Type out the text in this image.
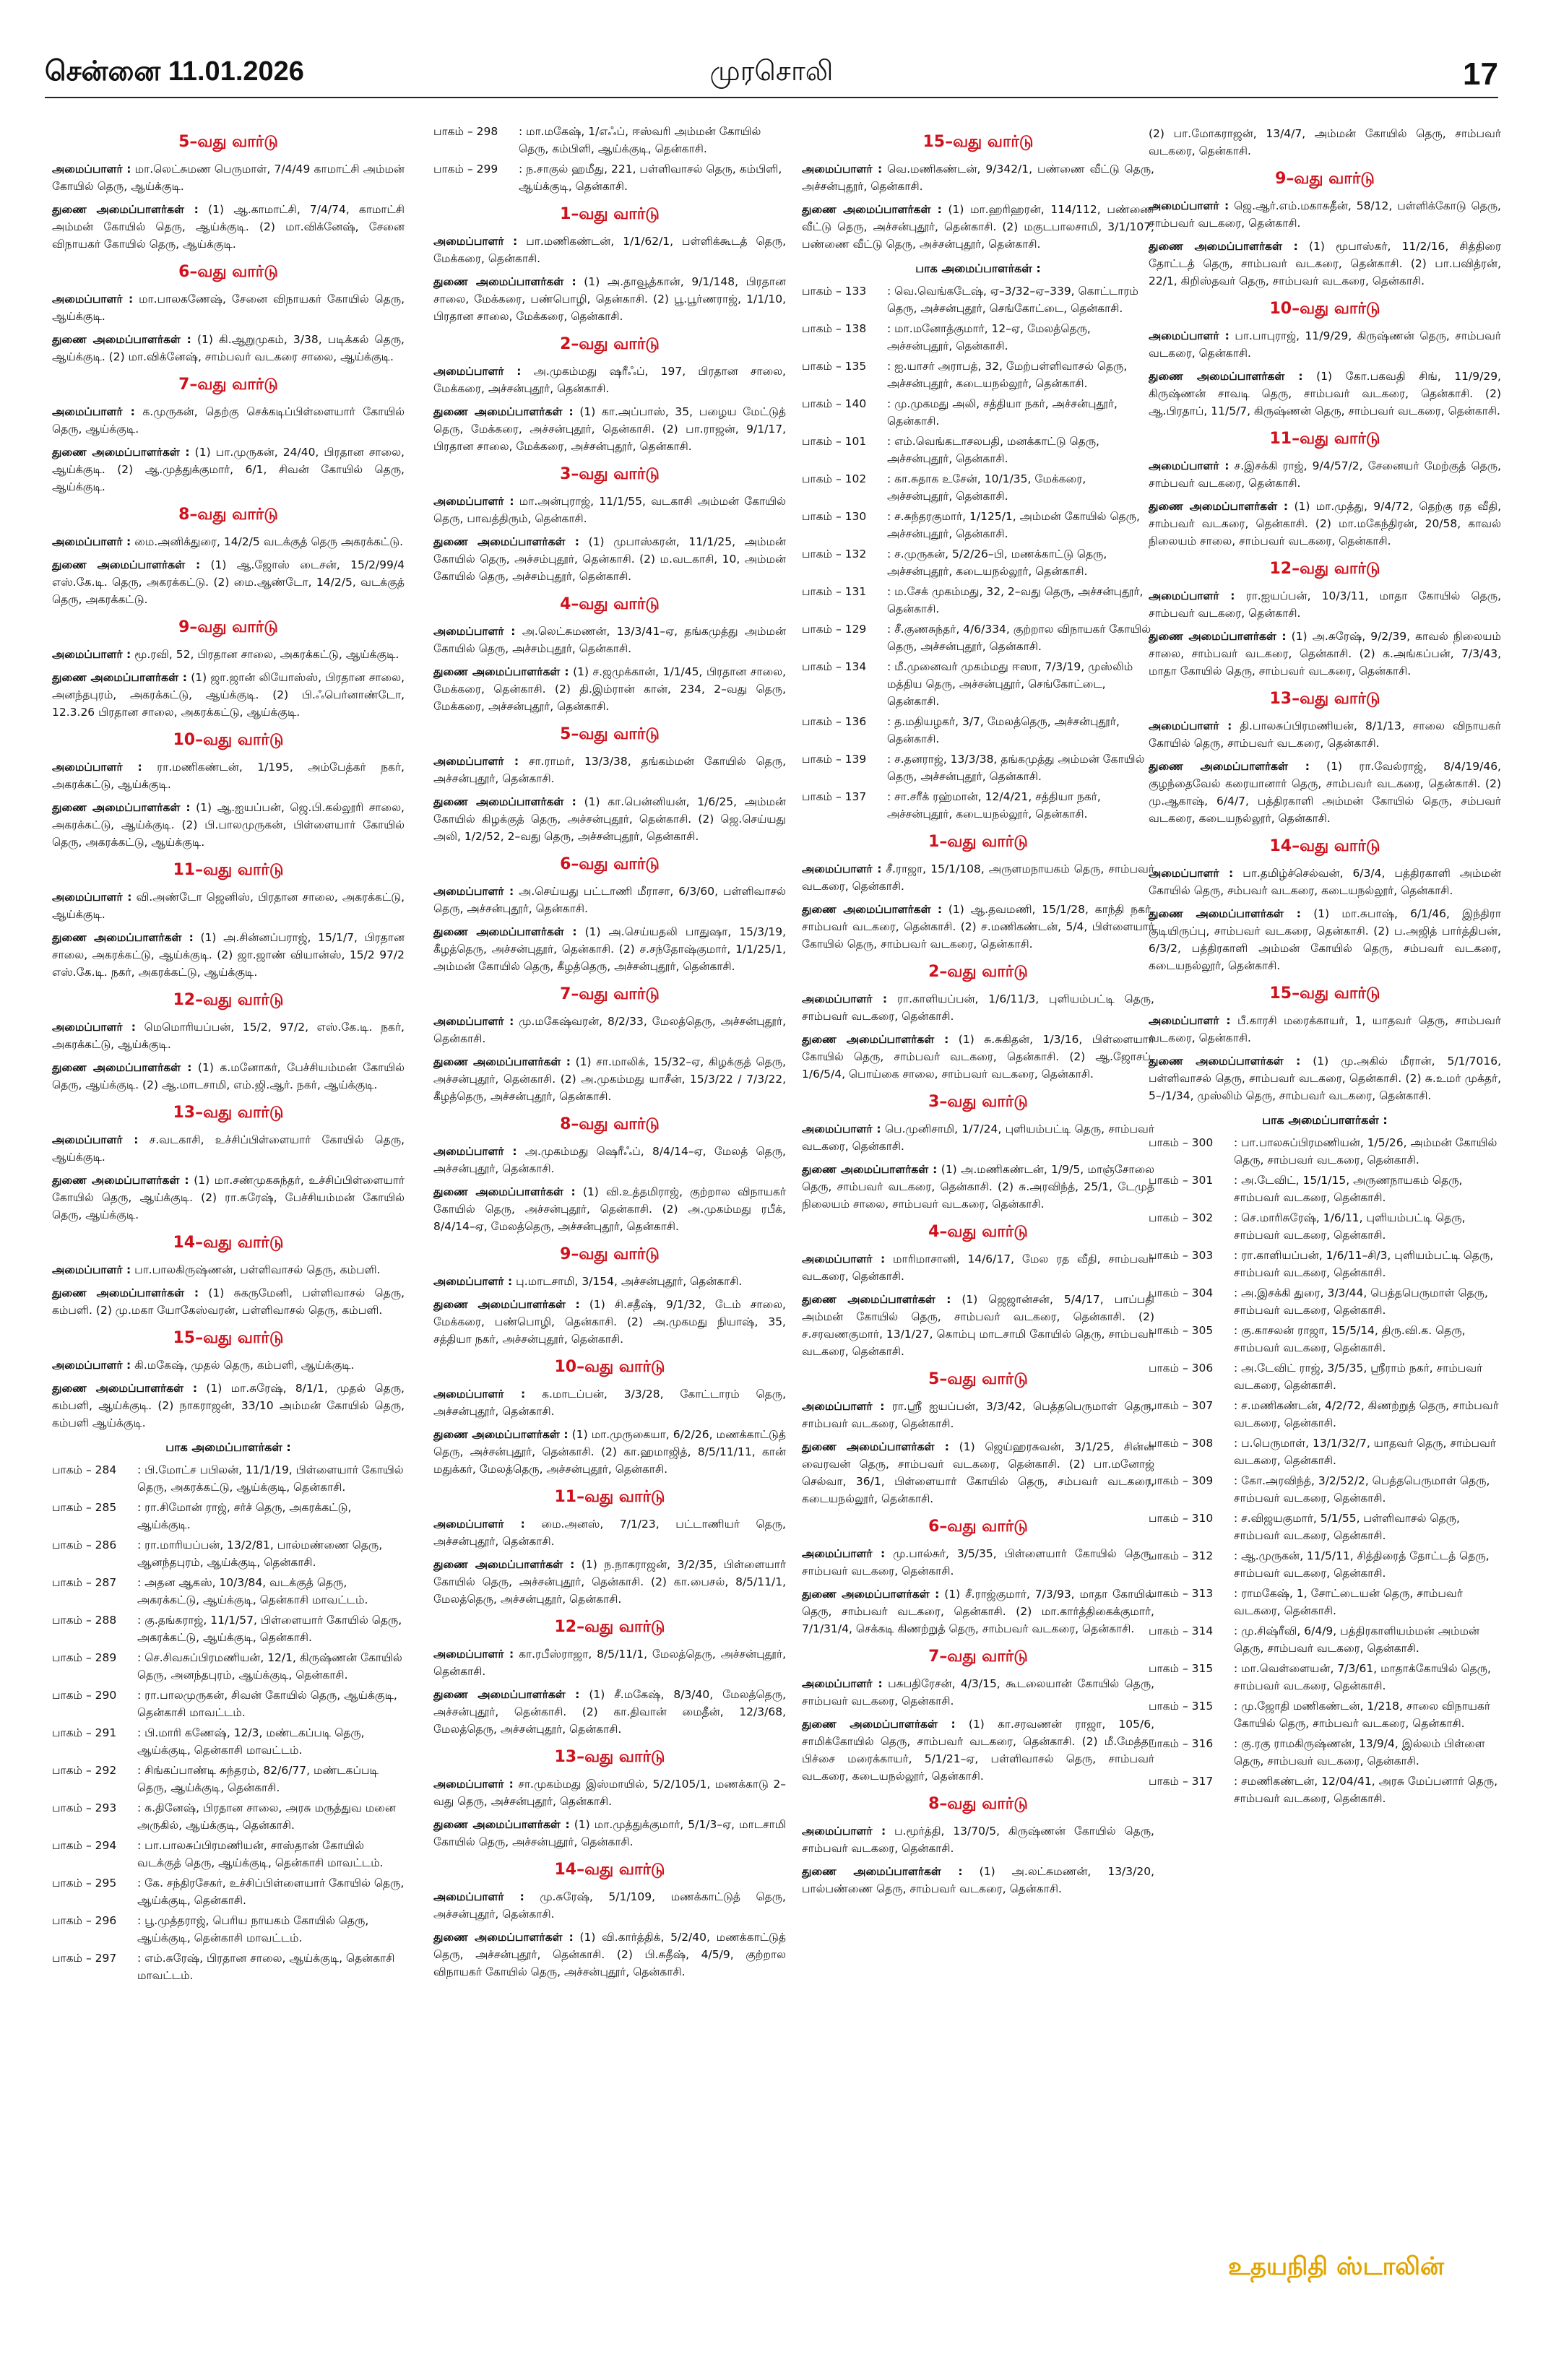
சென்னை 11.01.2026	முரசொலி	17
5–வது வார்டு
அமைப்பாளர் : மா.லெட்சுமண பெருமாள், 7/4/49 காமாட்சி அம்மன் கோயில் தெரு, ஆய்க்குடி.
துணை அமைப்பாளர்கள் : (1) ஆ.காமாட்சி, 7/4/74, காமாட்சி அம்மன் கோயில் தெரு, ஆய்க்குடி. (2) மா.விக்னேஷ், சேனை விநாயகர் கோயில் தெரு, ஆய்க்குடி.
6–வது வார்டு
அமைப்பாளர் : மா.பாலகணேஷ், சேனை விநாயகர் கோயில் தெரு, ஆய்க்குடி.
துணை அமைப்பாளர்கள் : (1) கி.ஆறுமுகம், 3/38, படிக்கல் தெரு, ஆய்க்குடி. (2) மா.விக்னேஷ், சாம்பவர் வடகரை சாலை, ஆய்க்குடி.
7–வது வார்டு
அமைப்பாளர் : க.முருகன், தெற்கு செக்கடிப்பிள்ளையார் கோயில் தெரு, ஆய்க்குடி.
துணை அமைப்பாளர்கள் : (1) பா.முருகன், 24/40, பிரதான சாலை, ஆய்க்குடி. (2) ஆ.முத்துக்குமார், 6/1, சிவன் கோயில் தெரு, ஆய்க்குடி.
8–வது வார்டு
அமைப்பாளர் : மை.அனிக்துரை, 14/2/5 வடக்குத் தெரு அகரக்கட்டு.
துணை அமைப்பாளர்கள் : (1) ஆ.ஜோஸ் டைசன், 15/2/99/4 எஸ்.கே.டி. தெரு, அகரக்கட்டு. (2) மை.ஆண்டோ, 14/2/5, வடக்குத் தெரு, அகரக்கட்டு.
9–வது வார்டு
அமைப்பாளர் : மூ.ரவி, 52, பிரதான சாலை, அகரக்கட்டு, ஆய்க்குடி.
துணை அமைப்பாளர்கள் : (1) ஜா.ஜான் லியோஸ்ஸ், பிரதான சாலை, அனந்தபுரம், அகரக்கட்டு, ஆய்க்குடி. (2) பி.ஃபெர்னாண்டோ, 12.3.26 பிரதான சாலை, அகரக்கட்டு, ஆய்க்குடி.
10–வது வார்டு
அமைப்பாளர் : ரா.மணிகண்டன், 1/195, அம்பேத்கர் நகர், அகரக்கட்டு, ஆய்க்குடி.
துணை அமைப்பாளர்கள் : (1) ஆ.ஐயப்பன், ஜெ.பி.கல்லூரி சாலை, அகரக்கட்டு, ஆய்க்குடி. (2) பி.பாலமுருகன், பிள்ளையார் கோயில் தெரு, அகரக்கட்டு, ஆய்க்குடி.
11–வது வார்டு
அமைப்பாளர் : வி.அண்டோ ஜெனிஸ், பிரதான சாலை, அகரக்கட்டு, ஆய்க்குடி.
துணை அமைப்பாளர்கள் : (1) அ.சின்னப்பராஜ், 15/1/7, பிரதான சாலை, அகரக்கட்டு, ஆய்க்குடி. (2) ஜா.ஜாண் வியான்ஸ், 15/2 97/2 எஸ்.கே.டி. நகர், அகரக்கட்டு, ஆய்க்குடி.
12–வது வார்டு
அமைப்பாளர் : மெமொரியப்பன், 15/2, 97/2, எஸ்.கே.டி. நகர், அகரக்கட்டு, ஆய்க்குடி.
துணை அமைப்பாளர்கள் : (1) க.மனோகர், பேச்சியம்மன் கோயில் தெரு, ஆய்க்குடி. (2) ஆ.மாடசாமி, எம்.ஜி.ஆர். நகர், ஆய்க்குடி.
13–வது வார்டு
அமைப்பாளர் : ச.வடகாசி, உச்சிப்பிள்ளையார் கோயில் தெரு, ஆய்க்குடி.
துணை அமைப்பாளர்கள் : (1) மா.சண்முகசுந்தர், உச்சிப்பிள்ளையார் கோயில் தெரு, ஆய்க்குடி. (2) ரா.சுரேஷ், பேச்சியம்மன் கோயில் தெரு, ஆய்க்குடி.
14–வது வார்டு
அமைப்பாளர் : பா.பாலகிருஷ்ணன், பள்ளிவாசல் தெரு, கம்பளி.
துணை அமைப்பாளர்கள் : (1) சுகருமேனி, பள்ளிவாசல் தெரு, கம்பளி. (2) மு.மகா யோகேஸ்வரன், பள்ளிவாசல் தெரு, கம்பளி.
15–வது வார்டு
அமைப்பாளர் : கி.மகேஷ், முதல் தெரு, கம்பளி, ஆய்க்குடி.
துணை அமைப்பாளர்கள் : (1) மா.சுரேஷ், 8/1/1, முதல் தெரு, கம்பளி, ஆய்க்குடி. (2) நாகராஜன், 33/10 அம்மன் கோயில் தெரு, கம்பளி ஆய்க்குடி.
பாக அமைப்பாளர்கள் :
பாகம் – 284	: பி.மோட்ச பபிலன், 11/1/19, பிள்ளையார் கோயில் தெரு, அகரக்கட்டு, ஆய்க்குடி, தென்காசி.
பாகம் – 285	: ரா.சிமோன் ராஜ், சர்ச் தெரு, அகரக்கட்டு, ஆய்க்குடி.
பாகம் – 286	: ரா.மாரியப்பன், 13/2/81, பால்மண்ணை தெரு, ஆனந்தபுரம், ஆய்க்குடி, தென்காசி.
பாகம் – 287	: அதன ஆகஸ், 10/3/84, வடக்குத் தெரு, அகரக்கட்டு, ஆய்க்குடி, தென்காசி மாவட்டம்.
பாகம் – 288	: கு.தங்கராஜ், 11/1/57, பிள்ளையார் கோயில் தெரு, அகரக்கட்டு, ஆய்க்குடி, தென்காசி.
பாகம் – 289	: செ.சிவசுப்பிரமணியன், 12/1, கிருஷ்ணன் கோயில் தெரு, அனந்தபுரம், ஆய்க்குடி, தென்காசி.
பாகம் – 290	: ரா.பாலமுருகன், சிவன் கோயில் தெரு, ஆய்க்குடி, தென்காசி மாவட்டம்.
பாகம் – 291	: பி.மாரி கணேஷ், 12/3, மண்டகப்படி தெரு, ஆய்க்குடி, தென்காசி மாவட்டம்.
பாகம் – 292	: சிங்கப்பாண்டி சுந்தரம், 82/6/77, மண்டகப்படி தெரு, ஆய்க்குடி, தென்காசி.
பாகம் – 293	: க.தினேஷ், பிரதான சாலை, அரசு மருத்துவ மனை அருகில், ஆய்க்குடி, தென்காசி.
பாகம் – 294	: பா.பாலசுப்பிரமணியன், சாஸ்தான் கோயில் வடக்குத் தெரு, ஆய்க்குடி, தென்காசி மாவட்டம்.
பாகம் – 295	: கே. சந்திரசேகர், உச்சிப்பிள்ளையார் கோயில் தெரு, ஆய்க்குடி, தென்காசி.
பாகம் – 296	: பூ.முத்தராஜ், பெரிய நாயகம் கோயில் தெரு, ஆய்க்குடி, தென்காசி மாவட்டம்.
பாகம் – 297	: எம்.சுரேஷ், பிரதான சாலை, ஆய்க்குடி, தென்காசி மாவட்டம்.
பாகம் – 298	: மா.மகேஷ், 1/எஃப், ஈஸ்வரி அம்மன் கோயில் தெரு, கம்பிளி, ஆய்க்குடி, தென்காசி.
பாகம் – 299	: ந.சாகுல் ஹமீது, 221, பள்ளிவாசல் தெரு, கம்பிளி, ஆய்க்குடி, தென்காசி.
1–வது வார்டு
அமைப்பாளர் : பா.மணிகண்டன், 1/1/62/1, பள்ளிக்கூடத் தெரு, மேக்கரை, தென்காசி.
துணை அமைப்பாளர்கள் : (1) அ.தாவூத்கான், 9/1/148, பிரதான சாலை, மேக்கரை, பண்பொழி, தென்காசி. (2) பூ.பூர்ணராஜ், 1/1/10, பிரதான சாலை, மேக்கரை, தென்காசி.
2–வது வார்டு
அமைப்பாளர் : அ.முகம்மது ஷரீஃப், 197, பிரதான சாலை, மேக்கரை, அச்சன்புதூர், தென்காசி.
துணை அமைப்பாளர்கள் : (1) கா.அப்பாஸ், 35, பழைய மேட்டுத் தெரு, மேக்கரை, அச்சன்புதூர், தென்காசி. (2) பா.ராஜன், 9/1/17, பிரதான சாலை, மேக்கரை, அச்சன்புதூர், தென்காசி.
3–வது வார்டு
அமைப்பாளர் : மா.அன்புராஜ், 11/1/55, வடகாசி அம்மன் கோயில் தெரு, பாவத்திரும், தென்காசி.
துணை அமைப்பாளர்கள் : (1) முபாஸ்கரன், 11/1/25, அம்மன் கோயில் தெரு, அச்சம்புதூர், தென்காசி. (2) ம.வடகாசி, 10, அம்மன் கோயில் தெரு, அச்சம்புதூர், தென்காசி.
4–வது வார்டு
அமைப்பாளர் : அ.லெட்சுமணன், 13/3/41–ஏ, தங்கமுத்து அம்மன் கோயில் தெரு, அச்சம்புதூர், தென்காசி.
துணை அமைப்பாளர்கள் : (1) ச.ஜமுக்கான், 1/1/45, பிரதான சாலை, மேக்கரை, தென்காசி. (2) தி.இம்ரான் கான், 234, 2–வது தெரு, மேக்கரை, அச்சன்புதூர், தென்காசி.
5–வது வார்டு
அமைப்பாளர் : சா.ராமர், 13/3/38, தங்கம்மன் கோயில் தெரு, அச்சன்புதூர், தென்காசி.
துணை அமைப்பாளர்கள் : (1) கா.பென்னியன், 1/6/25, அம்மன் கோயில் கிழக்குத் தெரு, அச்சன்புதூர், தென்காசி. (2) ஜெ.செய்யது அலி, 1/2/52, 2–வது தெரு, அச்சன்புதூர், தென்காசி.
6–வது வார்டு
அமைப்பாளர் : அ.செய்யது பட்டாணி மீராசா, 6/3/60, பள்ளிவாசல் தெரு, அச்சன்புதூர், தென்காசி.
துணை அமைப்பாளர்கள் : (1) அ.செய்யதலி பாதுஷா, 15/3/19, கீழத்தெரு, அச்சன்புதூர், தென்காசி. (2) ச.சந்தோஷ்குமார், 1/1/25/1, அம்மன் கோயில் தெரு, கீழத்தெரு, அச்சன்புதூர், தென்காசி.
7–வது வார்டு
அமைப்பாளர் : மு.மகேஷ்வரன், 8/2/33, மேலத்தெரு, அச்சன்புதூர், தென்காசி.
துணை அமைப்பாளர்கள் : (1) சா.மாலிக், 15/32–ஏ, கிழக்குத் தெரு, அச்சன்புதூர், தென்காசி. (2) அ.முகம்மது யாசீன், 15/3/22 / 7/3/22, கீழத்தெரு, அச்சன்புதூர், தென்காசி.
8–வது வார்டு
அமைப்பாளர் : அ.முகம்மது ஷெரீஃப், 8/4/14–ஏ, மேலத் தெரு, அச்சன்புதூர், தென்காசி.
துணை அமைப்பாளர்கள் : (1) வி.உத்தமிராஜ், குற்றால விநாயகர் கோயில் தெரு, அச்சன்புதூர், தென்காசி. (2) அ.முகம்மது ரபீக், 8/4/14–ஏ, மேலத்தெரு, அச்சன்புதூர், தென்காசி.
9–வது வார்டு
அமைப்பாளர் : பு.மாடசாமி, 3/154, அச்சன்புதூர், தென்காசி.
துணை அமைப்பாளர்கள் : (1) சி.சதீஷ், 9/1/32, டேம் சாலை, மேக்கரை, பண்பொழி, தென்காசி. (2) அ.முகமது நியாஷ், 35, சத்தியா நகர், அச்சன்புதூர், தென்காசி.
10–வது வார்டு
அமைப்பாளர் : க.மாடப்பன், 3/3/28, கோட்டாரம் தெரு, அச்சன்புதூர், தென்காசி.
துணை அமைப்பாளர்கள் : (1) மா.முருகையா, 6/2/26, மணக்காட்டுத் தெரு, அச்சன்புதூர், தென்காசி. (2) கா.ஹமாஜித், 8/5/11/11, கான் மதுக்கர், மேலத்தெரு, அச்சன்புதூர், தென்காசி.
11–வது வார்டு
அமைப்பாளர் : மை.அனஸ், 7/1/23, பட்டாணியர் தெரு, அச்சன்புதூர், தென்காசி.
துணை அமைப்பாளர்கள் : (1) ந.நாகராஜன், 3/2/35, பிள்ளையார் கோயில் தெரு, அச்சன்புதூர், தென்காசி. (2) கா.பைசல், 8/5/11/1, மேலத்தெரு, அச்சன்புதூர், தென்காசி.
12–வது வார்டு
அமைப்பாளர் : கா.ரபீஸ்ராஜா, 8/5/11/1, மேலத்தெரு, அச்சன்புதூர், தென்காசி.
துணை அமைப்பாளர்கள் : (1) சீ.மகேஷ், 8/3/40, மேலத்தெரு, அச்சன்புதூர், தென்காசி. (2) கா.திவான் மைதீன், 12/3/68, மேலத்தெரு, அச்சன்புதூர், தென்காசி.
13–வது வார்டு
அமைப்பாளர் : சா.முகம்மது இஸ்மாயில், 5/2/105/1, மணக்காடு 2–வது தெரு, அச்சன்புதூர், தென்காசி.
துணை அமைப்பாளர்கள் : (1) மா.முத்துக்குமார், 5/1/3–ஏ, மாடசாமி கோயில் தெரு, அச்சன்புதூர், தென்காசி.
14–வது வார்டு
அமைப்பாளர் : மு.சுரேஷ், 5/1/109, மணக்காட்டுத் தெரு, அச்சன்புதூர், தென்காசி.
துணை அமைப்பாளர்கள் : (1) வி.கார்த்திக், 5/2/40, மணக்காட்டுத் தெரு, அச்சன்புதூர், தென்காசி. (2) பி.சுதீஷ், 4/5/9, குற்றால விநாயகர் கோயில் தெரு, அச்சன்புதூர், தென்காசி.
15–வது வார்டு
அமைப்பாளர் : வெ.மணிகண்டன், 9/342/1, பண்ணை வீட்டு தெரு, அச்சன்புதூர், தென்காசி.
துணை அமைப்பாளர்கள் : (1) மா.ஹரிஹரன், 114/112, பண்ணை வீட்டு தெரு, அச்சன்புதூர், தென்காசி. (2) மகுடபாலசாமி, 3/1/107, பண்ணை வீட்டு தெரு, அச்சன்புதூர், தென்காசி.
பாக அமைப்பாளர்கள் :
பாகம் – 133	: வெ.வெங்கடேஷ், ஏ–3/32–ஏ–339, கொட்டாரம் தெரு, அச்சன்புதூர், செங்கோட்டை, தென்காசி.
பாகம் – 138	: மா.மனோத்குமார், 12–ஏ, மேலத்தெரு, அச்சன்புதூர், தென்காசி.
பாகம் – 135	: ஐ.யாசர் அராபத், 32, மேற்பள்ளிவாசல் தெரு, அச்சன்புதூர், கடையநல்லூர், தென்காசி.
பாகம் – 140	: மு.முகமது அலி, சத்தியா நகர், அச்சன்புதூர், தென்காசி.
பாகம் – 101	: எம்.வெங்கடாசலபதி, மனக்காட்டு தெரு, அச்சன்புதூர், தென்காசி.
பாகம் – 102	: கா.சுதாக உசேன், 10/1/35, மேக்கரை, அச்சன்புதூர், தென்காசி.
பாகம் – 130	: ச.சுந்தரகுமார், 1/125/1, அம்மன் கோயில் தெரு, அச்சன்புதூர், தென்காசி.
பாகம் – 132	: ச.முருகன், 5/2/26–பி, மணக்காட்டு தெரு, அச்சன்புதூர், கடையநல்லூர், தென்காசி.
பாகம் – 131	: ம.சேக் முகம்மது, 32, 2–வது தெரு, அச்சன்புதூர், தென்காசி.
பாகம் – 129	: சீ.குணசுந்தர், 4/6/334, குற்றால விநாயகர் கோயில் தெரு, அச்சன்புதூர், தென்காசி.
பாகம் – 134	: மீ.முனைவர் முகம்மது ஈஸா, 7/3/19, முஸ்லிம் மத்திய தெரு, அச்சன்புதூர், செங்கோட்டை, தென்காசி.
பாகம் – 136	: த.மதியழகர், 3/7, மேலத்தெரு, அச்சன்புதூர், தென்காசி.
பாகம் – 139	: ச.தனராஜ், 13/3/38, தங்கமுத்து அம்மன் கோயில் தெரு, அச்சன்புதூர், தென்காசி.
பாகம் – 137	: சா.சரீக் ரஹ்மான், 12/4/21, சத்தியா நகர், அச்சன்புதூர், கடையநல்லூர், தென்காசி.
1–வது வார்டு
அமைப்பாளர் : சீ.ராஜா, 15/1/108, அருளமநாயகம் தெரு, சாம்பவர் வடகரை, தென்காசி.
துணை அமைப்பாளர்கள் : (1) ஆ.தவமணி, 15/1/28, காந்தி நகர், சாம்பவர் வடகரை, தென்காசி. (2) ச.மணிகண்டன், 5/4, பிள்ளையார் கோயில் தெரு, சாம்பவர் வடகரை, தென்காசி.
2–வது வார்டு
அமைப்பாளர் : ரா.காளியப்பன், 1/6/11/3, புளியம்பட்டி தெரு, சாம்பவர் வடகரை, தென்காசி.
துணை அமைப்பாளர்கள் : (1) சு.சுகிதன், 1/3/16, பிள்ளையார் கோயில் தெரு, சாம்பவர் வடகரை, தென்காசி. (2) ஆ.ஜோசப், 1/6/5/4, பொய்கை சாலை, சாம்பவர் வடகரை, தென்காசி.
3–வது வார்டு
அமைப்பாளர் : பெ.முனிசாமி, 1/7/24, புளியம்பட்டி தெரு, சாம்பவர் வடகரை, தென்காசி.
துணை அமைப்பாளர்கள் : (1) அ.மணிகண்டன், 1/9/5, மாஞ்சோலை தெரு, சாம்பவர் வடகரை, தென்காசி. (2) சு.அரவிந்த், 25/1, டேமுத நிலையம் சாலை, சாம்பவர் வடகரை, தென்காசி.
4–வது வார்டு
அமைப்பாளர் : மாரிமாசானி, 14/6/17, மேல ரத வீதி, சாம்பவர் வடகரை, தென்காசி.
துணை அமைப்பாளர்கள் : (1) ஜெஜான்சன், 5/4/17, பாப்பதி அம்மன் கோயில் தெரு, சாம்பவர் வடகரை, தென்காசி. (2) ச.சரவணகுமார், 13/1/27, கொம்பு மாடசாமி கோயில் தெரு, சாம்பவர் வடகரை, தென்காசி.
5–வது வார்டு
அமைப்பாளர் : ரா.ஸ்ரீ ஐயப்பன், 3/3/42, பெத்தபெருமாள் தெரு, சாம்பவர் வடகரை, தென்காசி.
துணை அமைப்பாளர்கள் : (1) ஜெய்ஹரசுவன், 3/1/25, சின்ன வைரவன் தெரு, சாம்பவர் வடகரை, தென்காசி. (2) பா.மனோஜ் செல்வா, 36/1, பிள்ளையார் கோயில் தெரு, சம்பவர் வடகரை, கடையநல்லூர், தென்காசி.
6–வது வார்டு
அமைப்பாளர் : மு.பால்சுர், 3/5/35, பிள்ளையார் கோயில் தெரு, சாம்பவர் வடகரை, தென்காசி.
துணை அமைப்பாளர்கள் : (1) சீ.ராஜ்குமார், 7/3/93, மாதா கோயில் தெரு, சாம்பவர் வடகரை, தென்காசி. (2) மா.கார்த்திகைக்குமார், 7/1/31/4, செக்கடி கிணற்றுத் தெரு, சாம்பவர் வடகரை, தென்காசி.
7–வது வார்டு
அமைப்பாளர் : பசுபதிரேசன், 4/3/15, கூடலையான் கோயில் தெரு, சாம்பவர் வடகரை, தென்காசி.
துணை அமைப்பாளர்கள் : (1) கா.சரவணன் ராஜா, 105/6, சாமிக்கோயில் தெரு, சாம்பவர் வடகரை, தென்காசி. (2) மீ.மேத்தா பிச்சை மரைக்காயர், 5/1/21–ஏ, பள்ளிவாசல் தெரு, சாம்பவர் வடகரை, கடையநல்லூர், தென்காசி.
8–வது வார்டு
அமைப்பாளர் : ப.மூர்த்தி, 13/70/5, கிருஷ்ணன் கோயில் தெரு, சாம்பவர் வடகரை, தென்காசி.
துணை அமைப்பாளர்கள் : (1) அ.லட்சுமணன், 13/3/20, பால்பண்ணை தெரு, சாம்பவர் வடகரை, தென்காசி.
(2) பா.மோகராஜன், 13/4/7, அம்மன் கோயில் தெரு, சாம்பவர் வடகரை, தென்காசி.
9–வது வார்டு
அமைப்பாளர் : ஜெ.ஆர்.எம்.மகாசுதீன், 58/12, பள்ளிக்கோடு தெரு, சாம்பவர் வடகரை, தென்காசி.
துணை அமைப்பாளர்கள் : (1) மூபாஸ்கர், 11/2/16, சித்திரை தோட்டத் தெரு, சாம்பவர் வடகரை, தென்காசி. (2) பா.பவித்ரன், 22/1, கிறிஸ்தவர் தெரு, சாம்பவர் வடகரை, தென்காசி.
10–வது வார்டு
அமைப்பாளர் : பா.பாபுராஜ், 11/9/29, கிருஷ்ணன் தெரு, சாம்பவர் வடகரை, தென்காசி.
துணை அமைப்பாளர்கள் : (1) கோ.பகவதி சிங், 11/9/29, கிருஷ்ணன் சாவடி தெரு, சாம்பவர் வடகரை, தென்காசி. (2) ஆ.பிரதாப், 11/5/7, கிருஷ்ணன் தெரு, சாம்பவர் வடகரை, தென்காசி.
11–வது வார்டு
அமைப்பாளர் : ச.இசக்கி ராஜ், 9/4/57/2, சேனையர் மேற்குத் தெரு, சாம்பவர் வடகரை, தென்காசி.
துணை அமைப்பாளர்கள் : (1) மா.முத்து, 9/4/72, தெற்கு ரத வீதி, சாம்பவர் வடகரை, தென்காசி. (2) மா.மகேந்திரன், 20/58, காவல் நிலையம் சாலை, சாம்பவர் வடகரை, தென்காசி.
12–வது வார்டு
அமைப்பாளர் : ரா.ஐயப்பன், 10/3/11, மாதா கோயில் தெரு, சாம்பவர் வடகரை, தென்காசி.
துணை அமைப்பாளர்கள் : (1) அ.சுரேஷ், 9/2/39, காவல் நிலையம் சாலை, சாம்பவர் வடகரை, தென்காசி. (2) க.அங்கப்பன், 7/3/43, மாதா கோயில் தெரு, சாம்பவர் வடகரை, தென்காசி.
13–வது வார்டு
அமைப்பாளர் : தி.பாலசுப்பிரமணியன், 8/1/13, சாலை விநாயகர் கோயில் தெரு, சாம்பவர் வடகரை, தென்காசி.
துணை அமைப்பாளர்கள் : (1) ரா.வேல்ராஜ், 8/4/19/46, குழந்தைவேல் கரையானார் தெரு, சாம்பவர் வடகரை, தென்காசி. (2) மு.ஆகாஷ், 6/4/7, பத்திரகாளி அம்மன் கோயில் தெரு, சம்பவர் வடகரை, கடையநல்லூர், தென்காசி.
14–வது வார்டு
அமைப்பாளர் : பா.தமிழ்ச்செல்வன், 6/3/4, பத்திரகாளி அம்மன் கோயில் தெரு, சம்பவர் வடகரை, கடையநல்லூர், தென்காசி.
துணை அமைப்பாளர்கள் : (1) மா.சுபாஷ், 6/1/46, இந்திரா குடியிருப்பு, சாம்பவர் வடகரை, தென்காசி. (2) ப.அஜித் பார்த்திபன், 6/3/2, பத்திரகாளி அம்மன் கோயில் தெரு, சம்பவர் வடகரை, கடையநல்லூர், தென்காசி.
15–வது வார்டு
அமைப்பாளர் : பீ.காரசி மரைக்காயர், 1, யாதவர் தெரு, சாம்பவர் வடகரை, தென்காசி.
துணை அமைப்பாளர்கள் : (1) மு.அகில் மீரான், 5/1/7016, பள்ளிவாசல் தெரு, சாம்பவர் வடகரை, தென்காசி. (2) சு.உமர் முக்தர், 5–/1/34, முஸ்லிம் தெரு, சாம்பவர் வடகரை, தென்காசி.
பாக அமைப்பாளர்கள் :
பாகம் – 300	: பா.பாலசுப்பிரமணியன், 1/5/26, அம்மன் கோயில் தெரு, சாம்பவர் வடகரை, தென்காசி.
பாகம் – 301	: அ.டேவிட், 15/1/15, அருணநாயகம் தெரு, சாம்பவர் வடகரை, தென்காசி.
பாகம் – 302	: செ.மாரிசுரேஷ், 1/6/11, புளியம்பட்டி தெரு, சாம்பவர் வடகரை, தென்காசி.
பாகம் – 303	: ரா.காளியப்பன், 1/6/11–சி/3, புளியம்பட்டி தெரு, சாம்பவர் வடகரை, தென்காசி.
பாகம் – 304	: அ.இசக்கி துரை, 3/3/44, பெத்தபெருமாள் தெரு, சாம்பவர் வடகரை, தென்காசி.
பாகம் – 305	: கு.காசலன் ராஜா, 15/5/14, திரு.வி.க. தெரு, சாம்பவர் வடகரை, தென்காசி.
பாகம் – 306	: அ.டேவிட் ராஜ், 3/5/35, ஸ்ரீராம் நகர், சாம்பவர் வடகரை, தென்காசி.
பாகம் – 307	: ச.மணிகண்டன், 4/2/72, கிணற்றுத் தெரு, சாம்பவர் வடகரை, தென்காசி.
பாகம் – 308	: ப.பெருமாள், 13/1/32/7, யாதவர் தெரு, சாம்பவர் வடகரை, தென்காசி.
பாகம் – 309	: கோ.அரவிந்த், 3/2/52/2, பெத்தபெருமாள் தெரு, சாம்பவர் வடகரை, தென்காசி.
பாகம் – 310	: ச.விஜயகுமார், 5/1/55, பள்ளிவாசல் தெரு, சாம்பவர் வடகரை, தென்காசி.
பாகம் – 312	: ஆ.முருகன், 11/5/11, சித்திரைத் தோட்டத் தெரு, சாம்பவர் வடகரை, தென்காசி.
பாகம் – 313	: ராமகேஷ், 1, சோட்டையன் தெரு, சாம்பவர் வடகரை, தென்காசி.
பாகம் – 314	: மு.சிஷ்ரீவி, 6/4/9, பத்திரகாளியம்மன் அம்மன் தெரு, சாம்பவர் வடகரை, தென்காசி.
பாகம் – 315	: மா.வெள்ளையன், 7/3/61, மாதாக்கோயில் தெரு, சாம்பவர் வடகரை, தென்காசி.
பாகம் – 315	: மு.ஜோதி மணிகண்டன், 1/218, சாலை விநாயகர் கோயில் தெரு, சாம்பவர் வடகரை, தென்காசி.
பாகம் – 316	: கு.ரகு ராமகிருஷ்ணன், 13/9/4, இல்லம் பிள்ளை தெரு, சாம்பவர் வடகரை, தென்காசி.
பாகம் – 317	: சமணிகண்டன், 12/04/41, அரசு மேப்பனார் தெரு, சாம்பவர் வடகரை, தென்காசி.
உதயநிதி ஸ்டாலின்
